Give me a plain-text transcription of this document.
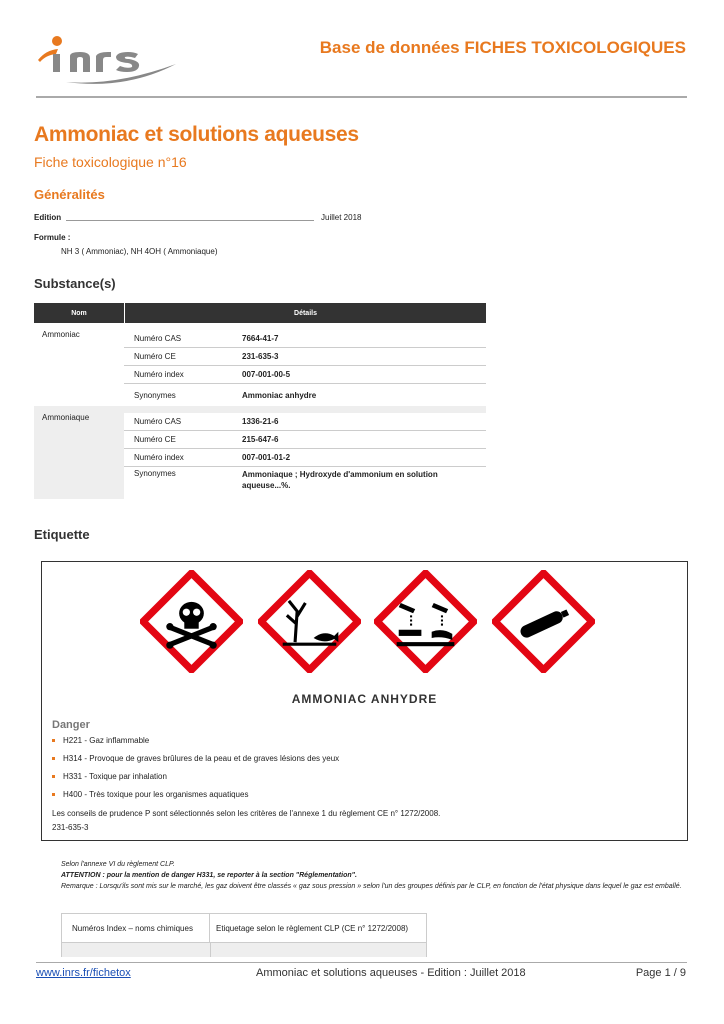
Base de données FICHES TOXICOLOGIQUES
Ammoniac et solutions aqueuses
Fiche toxicologique n°16
Généralités
Edition	Juillet 2018
Formule :
NH 3 ( Ammoniac), NH 4OH ( Ammoniaque)
Substance(s)
Nom	Détails
Ammoniac	Numéro CAS	7664-41-7
Numéro CE	231-635-3
Numéro index	007-001-00-5
Synonymes	Ammoniac anhydre
Ammoniaque	Numéro CAS	1336-21-6
Numéro CE	215-647-6
Numéro index	007-001-01-2
Synonymes	Ammoniaque ; Hydroxyde d'ammonium en solution aqueuse...%.
Etiquette
AMMONIAC ANHYDRE
Danger
H221 - Gaz inflammable
H314 - Provoque de graves brûlures de la peau et de graves lésions des yeux
H331 - Toxique par inhalation
H400 - Très toxique pour les organismes aquatiques
Les conseils de prudence P sont sélectionnés selon les critères de l'annexe 1 du règlement CE n° 1272/2008.
231-635-3
Selon l'annexe VI du règlement CLP.
ATTENTION : pour la mention de danger H331, se reporter à la section "Réglementation".
Remarque : Lorsqu'ils sont mis sur le marché, les gaz doivent être classés « gaz sous pression » selon l'un des groupes définis par le CLP, en fonction de l'état physique dans lequel le gaz est emballé.
Numéros Index – noms chimiques	Etiquetage selon le règlement CLP (CE n° 1272/2008)
www.inrs.fr/fichetox	Ammoniac et solutions aqueuses - Edition : Juillet 2018	Page 1 / 9
